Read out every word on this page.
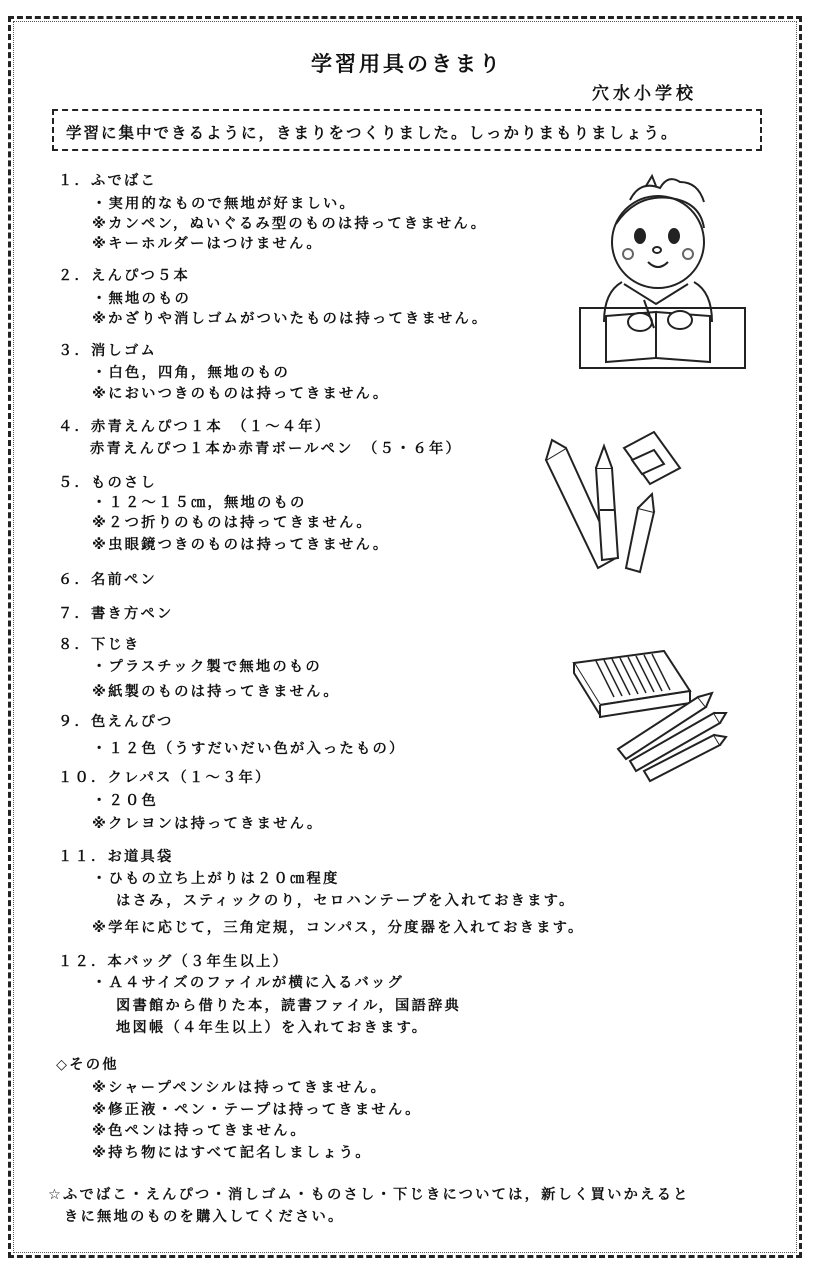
学習用具のきまり
穴水小学校
学習に集中できるように，きまりをつくりました。しっかりまもりましょう。
１．ふでばこ
・実用的なもので無地が好ましい。
※カンペン，ぬいぐるみ型のものは持ってきません。
※キーホルダーはつけません。
２．えんぴつ５本
・無地のもの
※かざりや消しゴムがついたものは持ってきません。
３．消しゴム
・白色，四角，無地のもの
※においつきのものは持ってきません。
４．赤青えんぴつ１本　（１～４年）
赤青えんぴつ１本か赤青ボールペン　（５・６年）
５．ものさし
・１２～１５㎝，無地のもの
※２つ折りのものは持ってきません。
※虫眼鏡つきのものは持ってきません。
６．名前ペン
７．書き方ペン
８．下じき
・プラスチック製で無地のもの
※紙製のものは持ってきません。
９．色えんぴつ
・１２色（うすだいだい色が入ったもの）
１０．クレパス（１～３年）
・２０色
※クレヨンは持ってきません。
１１．お道具袋
・ひもの立ち上がりは２０㎝程度
はさみ，スティックのり，セロハンテープを入れておきます。
※学年に応じて，三角定規，コンパス，分度器を入れておきます。
１２．本バッグ（３年生以上）
・Ａ４サイズのファイルが横に入るバッグ
図書館から借りた本，読書ファイル，国語辞典
地図帳（４年生以上）を入れておきます。
◇その他
※シャープペンシルは持ってきません。
※修正液・ペン・テープは持ってきません。
※色ペンは持ってきません。
※持ち物にはすべて記名しましょう。
☆ふでばこ・えんぴつ・消しゴム・ものさし・下じきについては，新しく買いかえると
きに無地のものを購入してください。
